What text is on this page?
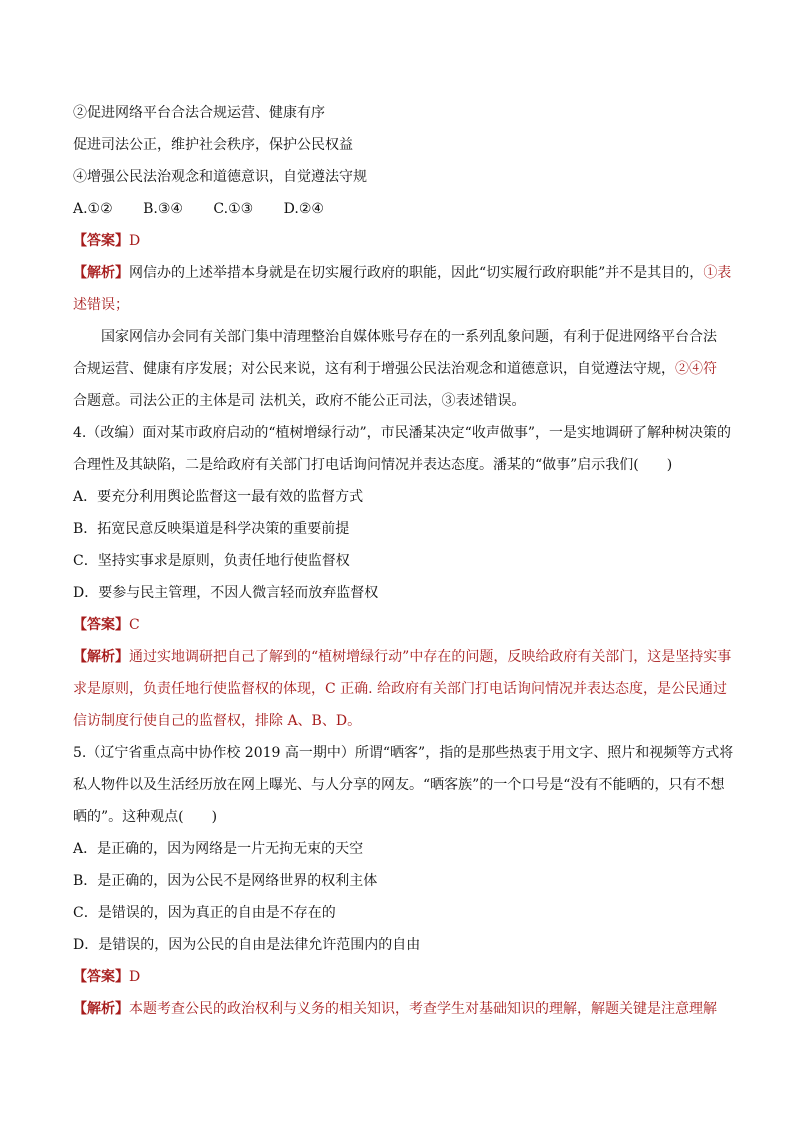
②促进网络平台合法合规运营、健康有序
促进司法公正，维护社会秩序，保护公民权益
④增强公民法治观念和道德意识，自觉遵法守规
A.①② B.③④ C.①③ D.②④
【答案】D
【解析】网信办的上述举措本身就是在切实履行政府的职能，因此“切实履行政府职能”并不是其目的，①表
述错误；
国家网信办会同有关部门集中清理整治自媒体账号存在的一系列乱象问题，有利于促进网络平台合法
合规运营、健康有序发展；对公民来说，这有利于增强公民法治观念和道德意识，自觉遵法守规，②④符
合题意。司法公正的主体是司 法机关，政府不能公正司法，③表述错误。
4.（改编）面对某市政府启动的“植树增绿行动”，市民潘某决定“收声做事”，一是实地调研了解种树决策的
合理性及其缺陷，二是给政府有关部门打电话询问情况并表达态度。潘某的“做事”启示我们(　　)
A．要充分利用舆论监督这一最有效的监督方式
B．拓宽民意反映渠道是科学决策的重要前提
C．坚持实事求是原则，负责任地行使监督权
D．要参与民主管理，不因人微言轻而放弃监督权
【答案】C
【解析】通过实地调研把自己了解到的“植树增绿行动”中存在的问题，反映给政府有关部门，这是坚持实事
求是原则，负责任地行使监督权的体现，C 正确. 给政府有关部门打电话询问情况并表达态度，是公民通过
信访制度行使自己的监督权，排除 A、B、D。
5.（辽宁省重点高中协作校 2019 高一期中）所谓“晒客”，指的是那些热衷于用文字、照片和视频等方式将
私人物件以及生活经历放在网上曝光、与人分享的网友。“晒客族”的一个口号是“没有不能晒的，只有不想
晒的”。这种观点(　　)
A．是正确的，因为网络是一片无拘无束的天空
B．是正确的，因为公民不是网络世界的权利主体
C．是错误的，因为真正的自由是不存在的
D．是错误的，因为公民的自由是法律允许范围内的自由
【答案】D
【解析】本题考查公民的政治权利与义务的相关知识，考查学生对基础知识的理解，解题关键是注意理解
